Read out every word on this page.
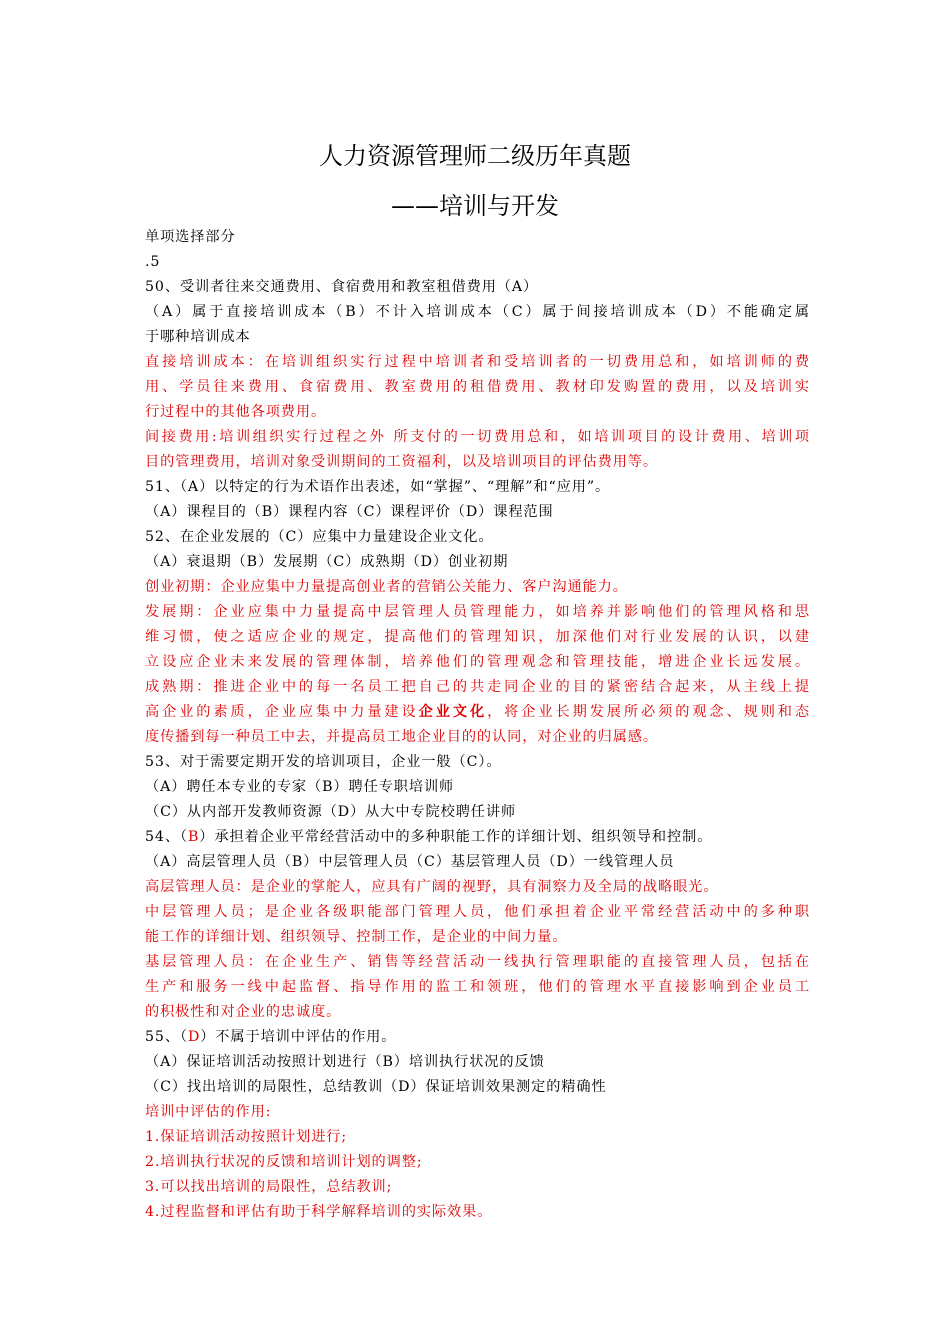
人力资源管理师二级历年真题
——培训与开发
单项选择部分
.5
50、受训者往来交通费用、食宿费用和教室租借费用（A）
（A）属于直接培训成本（B）不计入培训成本（C）属于间接培训成本（D）不能确定属
于哪种培训成本
直接培训成本：在培训组织实行过程中培训者和受培训者的一切费用总和，如培训师的费
用、学员往来费用、食宿费用、教室费用的租借费用、教材印发购置的费用，以及培训实
行过程中的其他各项费用。
间接费用:培训组织实行过程之外 所支付的一切费用总和，如培训项目的设计费用、培训项
目的管理费用，培训对象受训期间的工资福利，以及培训项目的评估费用等。
51、（A）以特定的行为术语作出表述，如“掌握”、“理解”和“应用”。
（A）课程目的（B）课程内容（C）课程评价（D）课程范围
52、在企业发展的（C）应集中力量建设企业文化。
（A）衰退期（B）发展期（C）成熟期（D）创业初期
创业初期：企业应集中力量提高创业者的营销公关能力、客户沟通能力。
发展期：企业应集中力量提高中层管理人员管理能力，如培养并影响他们的管理风格和思
维习惯，使之适应企业的规定，提高他们的管理知识，加深他们对行业发展的认识，以建
立设应企业未来发展的管理体制，培养他们的管理观念和管理技能，增进企业长远发展。
成熟期：推进企业中的每一名员工把自己的共走同企业的目的紧密结合起来，从主线上提
高企业的素质，企业应集中力量建设企业文化，将企业长期发展所必须的观念、规则和态
度传播到每一种员工中去，并提高员工地企业目的的认同，对企业的归属感。
53、对于需要定期开发的培训项目，企业一般（C）。
（A）聘任本专业的专家（B）聘任专职培训师
（C）从内部开发教师资源（D）从大中专院校聘任讲师
54、（B）承担着企业平常经营活动中的多种职能工作的详细计划、组织领导和控制。
（A）高层管理人员（B）中层管理人员（C）基层管理人员（D）一线管理人员
高层管理人员：是企业的掌舵人，应具有广阔的视野，具有洞察力及全局的战略眼光。
中层管理人员；是企业各级职能部门管理人员，他们承担着企业平常经营活动中的多种职
能工作的详细计划、组织领导、控制工作，是企业的中间力量。
基层管理人员：在企业生产、销售等经营活动一线执行管理职能的直接管理人员，包括在
生产和服务一线中起监督、指导作用的监工和领班，他们的管理水平直接影响到企业员工
的积极性和对企业的忠诚度。
55、（D）不属于培训中评估的作用。
（A）保证培训活动按照计划进行（B）培训执行状况的反馈
（C）找出培训的局限性，总结教训（D）保证培训效果测定的精确性
培训中评估的作用:
1.保证培训活动按照计划进行;
2.培训执行状况的反馈和培训计划的调整;
3.可以找出培训的局限性，总结教训;
4.过程监督和评估有助于科学解释培训的实际效果。
